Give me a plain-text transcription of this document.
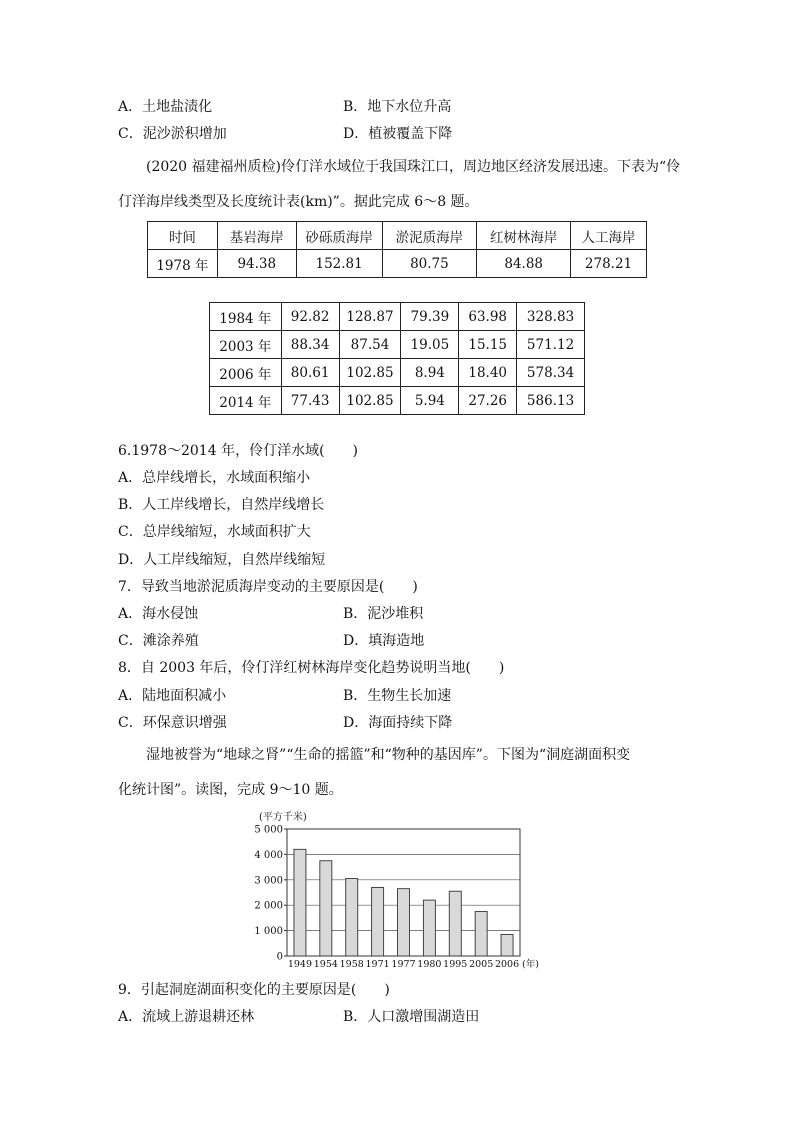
A．土地盐渍化	B．地下水位升高
C．泥沙淤积增加	D．植被覆盖下降
(2020 福建福州质检)伶仃洋水域位于我国珠江口，周边地区经济发展迅速。下表为“伶
仃洋海岸线类型及长度统计表(km)”。据此完成 6～8 题。
时间	基岩海岸	砂砾质海岸	淤泥质海岸	红树林海岸	人工海岸
1978 年	94.38	152.81	80.75	84.88	278.21
1984 年	92.82	128.87	79.39	63.98	328.83
2003 年	88.34	87.54	19.05	15.15	571.12
2006 年	80.61	102.85	8.94	18.40	578.34
2014 年	77.43	102.85	5.94	27.26	586.13
6.1978～2014 年，伶仃洋水域(　　)
A．总岸线增长，水域面积缩小
B．人工岸线增长，自然岸线增长
C．总岸线缩短，水域面积扩大
D．人工岸线缩短，自然岸线缩短
7．导致当地淤泥质海岸变动的主要原因是(　　)
A．海水侵蚀	B．泥沙堆积
C．滩涂养殖	D．填海造地
8．自 2003 年后，伶仃洋红树林海岸变化趋势说明当地(　　)
A．陆地面积减小	B．生物生长加速
C．环保意识增强	D．海面持续下降
湿地被誉为“地球之肾”“生命的摇篮”和“物种的基因库”。下图为“洞庭湖面积变
化统计图”。读图，完成 9～10 题。
0
1 000
2 000
3 000
4 000
5 000
(平方千米)
1949 1954 1958 1971 1977 1980 1995 2005 2006 (年)
9．引起洞庭湖面积变化的主要原因是(　　)
A．流域上游退耕还林	B．人口激增围湖造田
